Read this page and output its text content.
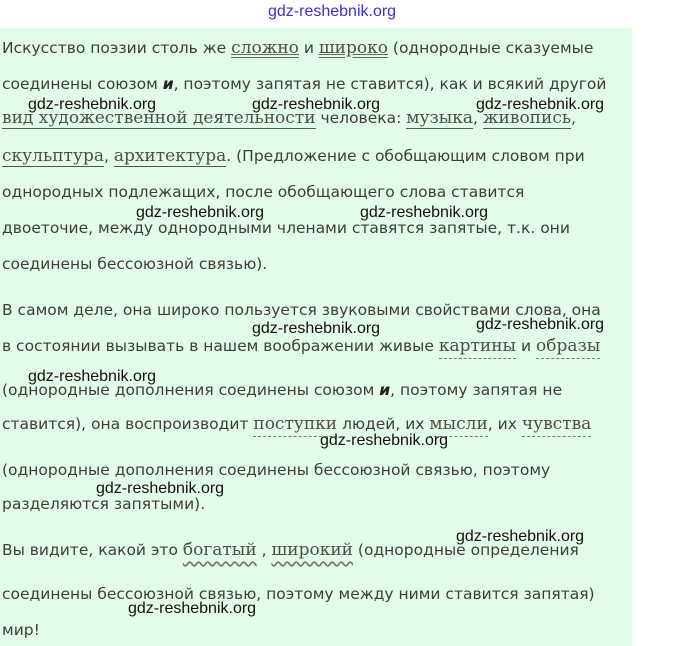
gdz-reshebnik.org
Искусство поэзии столь же сложно и широко (однородные сказуемые
соединены союзом и, поэтому запятая не ставится), как и всякий другой
вид художественной деятельности человека: музыка, живопись,
скульптура, архитектура. (Предложение с обобщающим словом при
однородных подлежащих, после обобщающего слова ставится
двоеточие, между однородными членами ставятся запятые, т.к. они
соединены бессоюзной связью).
В самом деле, она широко пользуется звуковыми свойствами слова, она
в состоянии вызывать в нашем воображении живые картины и образы
(однородные дополнения соединены союзом и, поэтому запятая не
ставится), она воспроизводит поступки людей, их мысли, их чувства
(однородные дополнения соединены бессоюзной связью, поэтому
разделяются запятыми).
Вы видите, какой это богатый , широкий (однородные определения
соединены бессоюзной связью, поэтому между ними ставится запятая)
мир!
gdz-reshebnik.org	gdz-reshebnik.org	gdz-reshebnik.org
gdz-reshebnik.org	gdz-reshebnik.org
gdz-reshebnik.org	gdz-reshebnik.org
gdz-reshebnik.org
gdz-reshebnik.org
gdz-reshebnik.org
gdz-reshebnik.org
gdz-reshebnik.org
